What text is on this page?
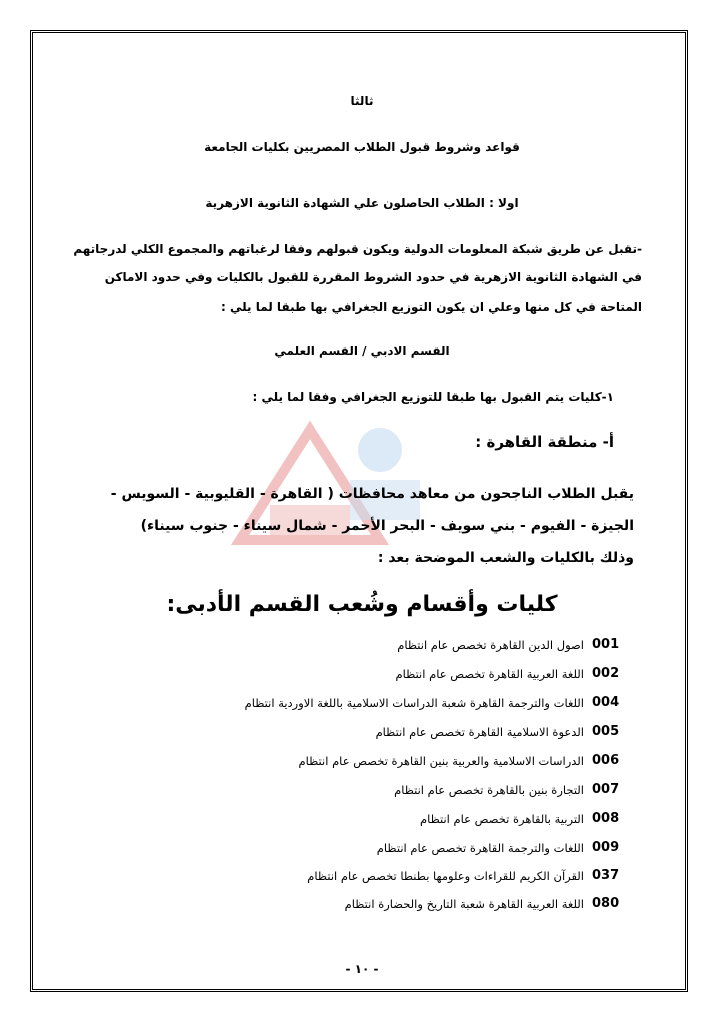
ثالثا
قواعد وشروط قبول الطلاب المصريين بكليات الجامعة
اولا : الطلاب الحاصلون علي الشهادة الثانوية الازهرية
-تقبل عن طريق شبكة المعلومات الدولية ويكون قبولهم وفقا لرغباتهم والمجموع الكلي لدرجاتهم
في الشهادة الثانوية الازهرية في حدود الشروط المقررة للقبول بالكليات وفي حدود الاماكن
المتاحة في كل منها وعلي ان يكون التوزيع الجغرافي بها طبقا لما يلي :
القسم الادبي / القسم العلمي
١-كليات يتم القبول بها طبقا للتوزيع الجغرافي وفقا لما يلي :
أ- منطقة القاهرة :
يقبل الطلاب الناجحون من معاهد محافظات ( القاهرة - القليوبية - السويس -
الجيزة - الفيوم - بني سويف - البحر الأحمر - شمال سيناء - جنوب سيناء)
وذلك بالكليات والشعب الموضحة بعد :
كليات وأقسام وشُعب القسم الأدبى:
001
اصول الدين القاهرة تخصص عام انتظام
002
اللغة العربية القاهرة تخصص عام انتظام
004
اللغات والترجمة القاهرة شعبة الدراسات الاسلامية باللغة الاوردية انتظام
005
الدعوة الاسلامية القاهرة تخصص عام انتظام
006
الدراسات الاسلامية والعربية بنين القاهرة تخصص عام انتظام
007
التجارة بنين بالقاهرة تخصص عام انتظام
008
التربية بالقاهرة تخصص عام انتظام
009
اللغات والترجمة القاهرة تخصص عام انتظام
037
القرآن الكريم للقراءات وعلومها بطنطا تخصص عام انتظام
080
اللغة العربية القاهرة شعبة التاريخ والحضارة انتظام
- ١٠ -
